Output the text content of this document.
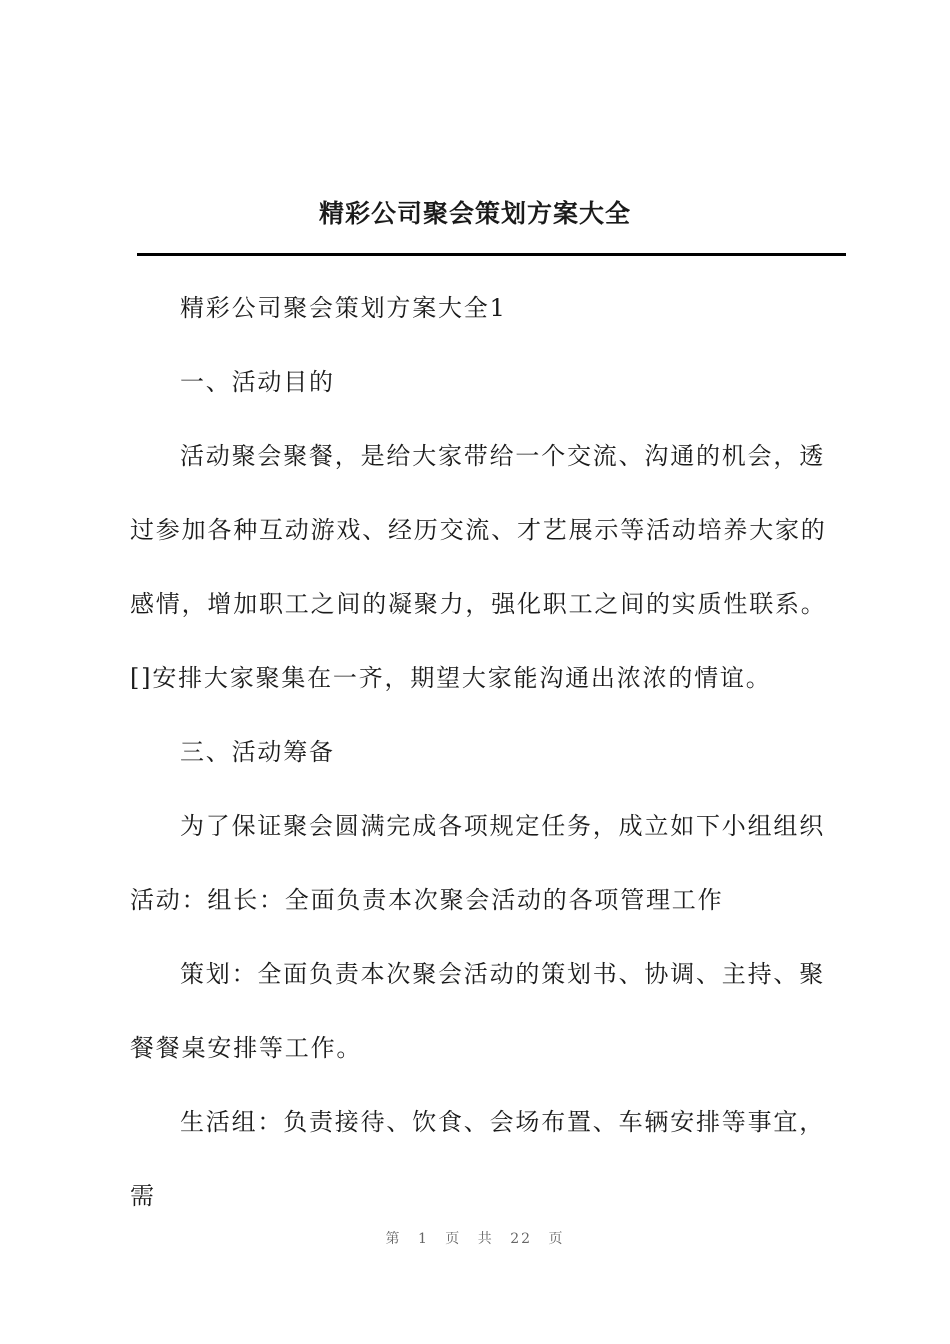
精彩公司聚会策划方案大全

精彩公司聚会策划方案大全1

一、活动目的

活动聚会聚餐，是给大家带给一个交流、沟通的机会，透过参加各种互动游戏、经历交流、才艺展示等活动培养大家的感情，增加职工之间的凝聚力，强化职工之间的实质性联系。[]安排大家聚集在一齐，期望大家能沟通出浓浓的情谊。

三、活动筹备

为了保证聚会圆满完成各项规定任务，成立如下小组组织活动：组长：全面负责本次聚会活动的各项管理工作

策划：全面负责本次聚会活动的策划书、协调、主持、聚餐餐桌安排等工作。

生活组：负责接待、饮食、会场布置、车辆安排等事宜，需

第 1 页 共 22 页
